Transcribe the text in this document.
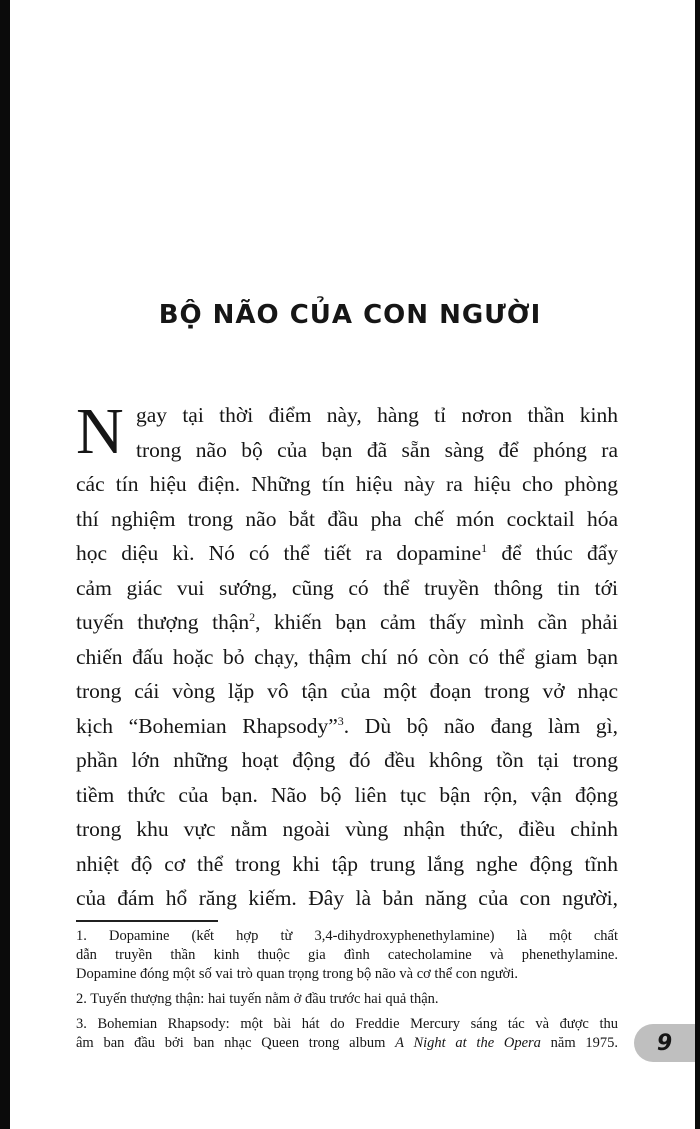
BỘ NÃO CỦA CON NGƯỜI
N gay tại thời điểm này, hàng tỉ nơron thần kinh
trong não bộ của bạn đã sẵn sàng để phóng ra
các tín hiệu điện. Những tín hiệu này ra hiệu cho phòng
thí nghiệm trong não bắt đầu pha chế món cocktail hóa
học diệu kì. Nó có thể tiết ra dopamine$^1$ để thúc đẩy
cảm giác vui sướng, cũng có thể truyền thông tin tới
tuyến thượng thận$^2$, khiến bạn cảm thấy mình cần phải
chiến đấu hoặc bỏ chạy, thậm chí nó còn có thể giam bạn
trong cái vòng lặp vô tận của một đoạn trong vở nhạc
kịch “Bohemian Rhapsody”$^3$. Dù bộ não đang làm gì,
phần lớn những hoạt động đó đều không tồn tại trong
tiềm thức của bạn. Não bộ liên tục bận rộn, vận động
trong khu vực nằm ngoài vùng nhận thức, điều chỉnh
nhiệt độ cơ thể trong khi tập trung lắng nghe động tĩnh
của đám hổ răng kiếm. Đây là bản năng của con người,
1. Dopamine (kết hợp từ 3,4-dihydroxyphenethylamine) là một chất
dẫn truyền thần kinh thuộc gia đình catecholamine và phenethylamine.
Dopamine đóng một số vai trò quan trọng trong bộ não và cơ thể con người.
2. Tuyến thượng thận: hai tuyến nằm ở đầu trước hai quả thận.
3. Bohemian Rhapsody: một bài hát do Freddie Mercury sáng tác và được thu
âm ban đầu bởi ban nhạc Queen trong album A Night at the Opera năm 1975.	9
